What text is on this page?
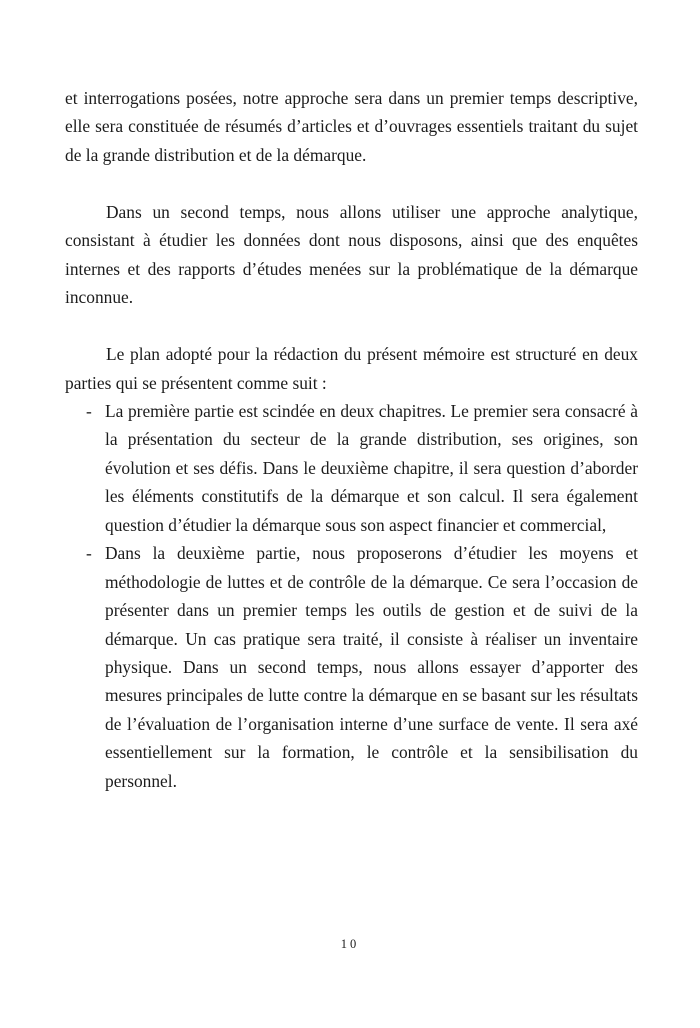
et interrogations posées, notre approche sera dans un premier temps descriptive, elle sera constituée de résumés d’articles et d’ouvrages essentiels traitant du sujet de la grande distribution et de la démarque.

Dans un second temps, nous allons utiliser une approche analytique, consistant à étudier les données dont nous disposons, ainsi que des enquêtes internes et des rapports d’études menées sur la problématique de la démarque inconnue.

Le plan adopté pour la rédaction du présent mémoire est structuré en deux parties qui se présentent comme suit :

- La première partie est scindée en deux chapitres. Le premier sera consacré à la présentation du secteur de la grande distribution, ses origines, son évolution et ses défis. Dans le deuxième chapitre, il sera question d’aborder les éléments constitutifs de la démarque et son calcul. Il sera également question d’étudier la démarque sous son aspect financier et commercial,
- Dans la deuxième partie, nous proposerons d’étudier les moyens et méthodologie de luttes et de contrôle de la démarque. Ce sera l’occasion de présenter dans un premier temps les outils de gestion et de suivi de la démarque. Un cas pratique sera traité, il consiste à réaliser un inventaire physique. Dans un second temps, nous allons essayer d’apporter des mesures principales de lutte contre la démarque en se basant sur les résultats de l’évaluation de l’organisation interne d’une surface de vente. Il sera axé essentiellement sur la formation, le contrôle et la sensibilisation du personnel.
10
